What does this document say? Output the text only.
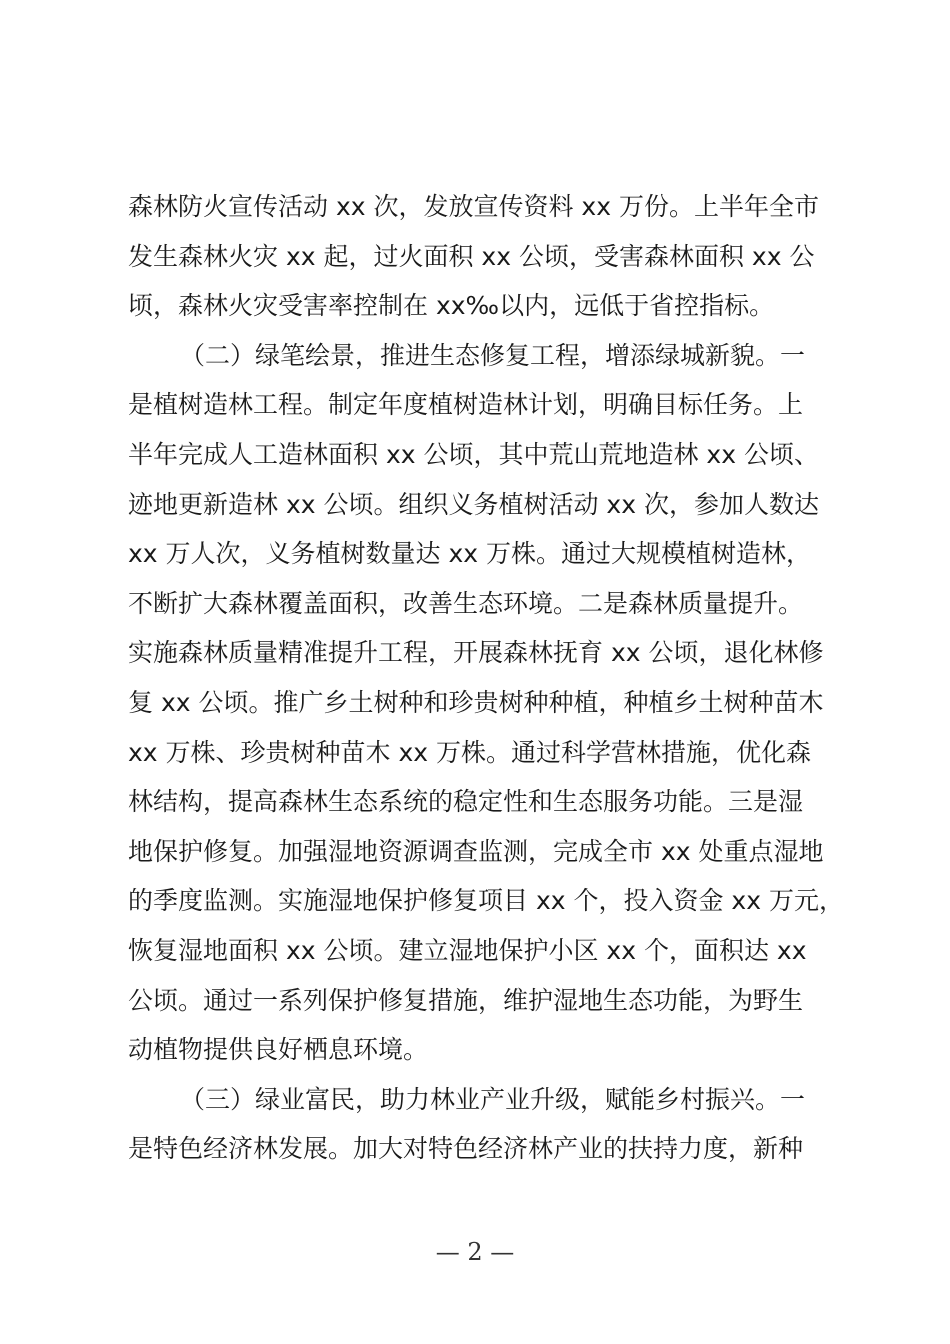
森林防火宣传活动 xx 次，发放宣传资料 xx 万份。上半年全市
发生森林火灾 xx 起，过火面积 xx 公顷，受害森林面积 xx 公
顷，森林火灾受害率控制在 xx‰以内，远低于省控指标。
（二）绿笔绘景，推进生态修复工程，增添绿城新貌。一
是植树造林工程。制定年度植树造林计划，明确目标任务。上
半年完成人工造林面积 xx 公顷，其中荒山荒地造林 xx 公顷、
迹地更新造林 xx 公顷。组织义务植树活动 xx 次，参加人数达
xx 万人次，义务植树数量达 xx 万株。通过大规模植树造林，
不断扩大森林覆盖面积，改善生态环境。二是森林质量提升。
实施森林质量精准提升工程，开展森林抚育 xx 公顷，退化林修
复 xx 公顷。推广乡土树种和珍贵树种种植，种植乡土树种苗木
xx 万株、珍贵树种苗木 xx 万株。通过科学营林措施，优化森
林结构，提高森林生态系统的稳定性和生态服务功能。三是湿
地保护修复。加强湿地资源调查监测，完成全市 xx 处重点湿地
的季度监测。实施湿地保护修复项目 xx 个，投入资金 xx 万元，
恢复湿地面积 xx 公顷。建立湿地保护小区 xx 个，面积达 xx
公顷。通过一系列保护修复措施，维护湿地生态功能，为野生
动植物提供良好栖息环境。
（三）绿业富民，助力林业产业升级，赋能乡村振兴。一
是特色经济林发展。加大对特色经济林产业的扶持力度，新种
— 2 —
